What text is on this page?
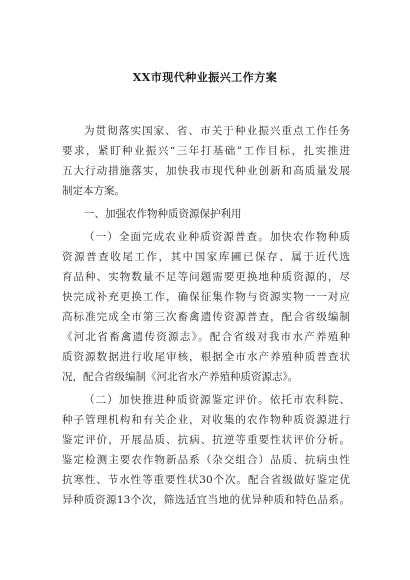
XX市现代种业振兴工作方案
为贯彻落实国家、省、市关于种业振兴重点工作任务
要求，紧盯种业振兴“三年打基础”工作目标，扎实推进
五大行动措施落实，加快我市现代种业创新和高质量发展
制定本方案。
一、加强农作物种质资源保护利用
（一）全面完成农业种质资源普查。加快农作物种质
资源普查收尾工作，其中国家库圃已保存、属于近代选
育品种、实物数量不足等问题需要更换地种质资源的，尽
快完成补充更换工作，确保征集作物与资源实物一一对应
高标准完成全市第三次畜禽遗传资源普查，配合省级编制
《河北省畜禽遗传资源志》。配合省级对我市水产养殖种
质资源数据进行收尾审核，根据全市水产养殖种质普查状
况，配合省级编制《河北省水产养殖种质资源志》。
（二）加快推进种质资源鉴定评价。依托市农科院、
种子管理机构和有关企业，对收集的农作物种质资源进行
鉴定评价，开展品质、抗病、抗逆等重要性状评价分析。
鉴定检测主要农作物新品系（杂交组合）品质、抗病虫性
抗寒性、节水性等重要性状30个次。配合省级做好鉴定优
异种质资源13个次，筛选适宜当地的优异种质和特色品系。
